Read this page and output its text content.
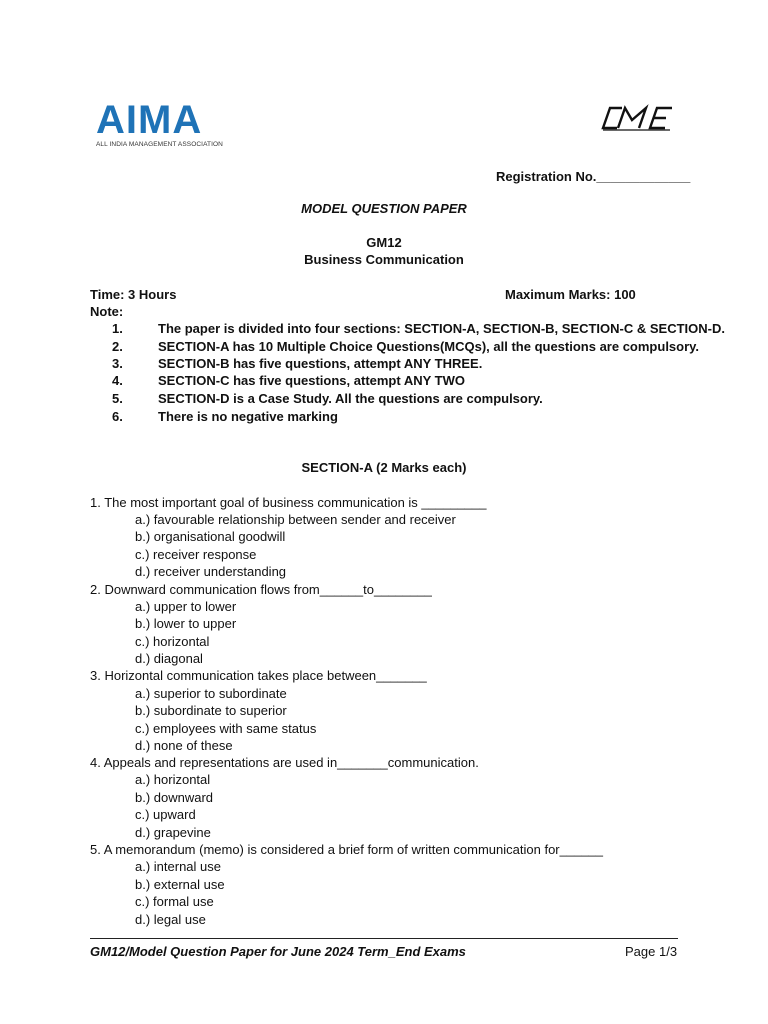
AIMA
ALL INDIA MANAGEMENT ASSOCIATION
Registration No._____________
MODEL QUESTION PAPER
GM12
Business Communication
Time: 3 Hours	Maximum Marks: 100
Note:
1.	The paper is divided into four sections: SECTION-A, SECTION-B, SECTION-C & SECTION-D.
2.	SECTION-A has 10 Multiple Choice Questions(MCQs), all the questions are compulsory.
3.	SECTION-B has five questions, attempt ANY THREE.
4.	SECTION-C has five questions, attempt ANY TWO
5.	SECTION-D is a Case Study. All the questions are compulsory.
6.	There is no negative marking
SECTION-A (2 Marks each)
1. The most important goal of business communication is _________
a.) favourable relationship between sender and receiver
b.) organisational goodwill
c.) receiver response
d.) receiver understanding
2. Downward communication flows from______to________
a.) upper to lower
b.) lower to upper
c.) horizontal
d.) diagonal
3. Horizontal communication takes place between_______
a.) superior to subordinate
b.) subordinate to superior
c.) employees with same status
d.) none of these
4. Appeals and representations are used in_______communication.
a.) horizontal
b.) downward
c.) upward
d.) grapevine
5. A memorandum (memo) is considered a brief form of written communication for______
a.) internal use
b.) external use
c.) formal use
d.) legal use
GM12/Model Question Paper for June 2024 Term_End Exams	Page 1/3
